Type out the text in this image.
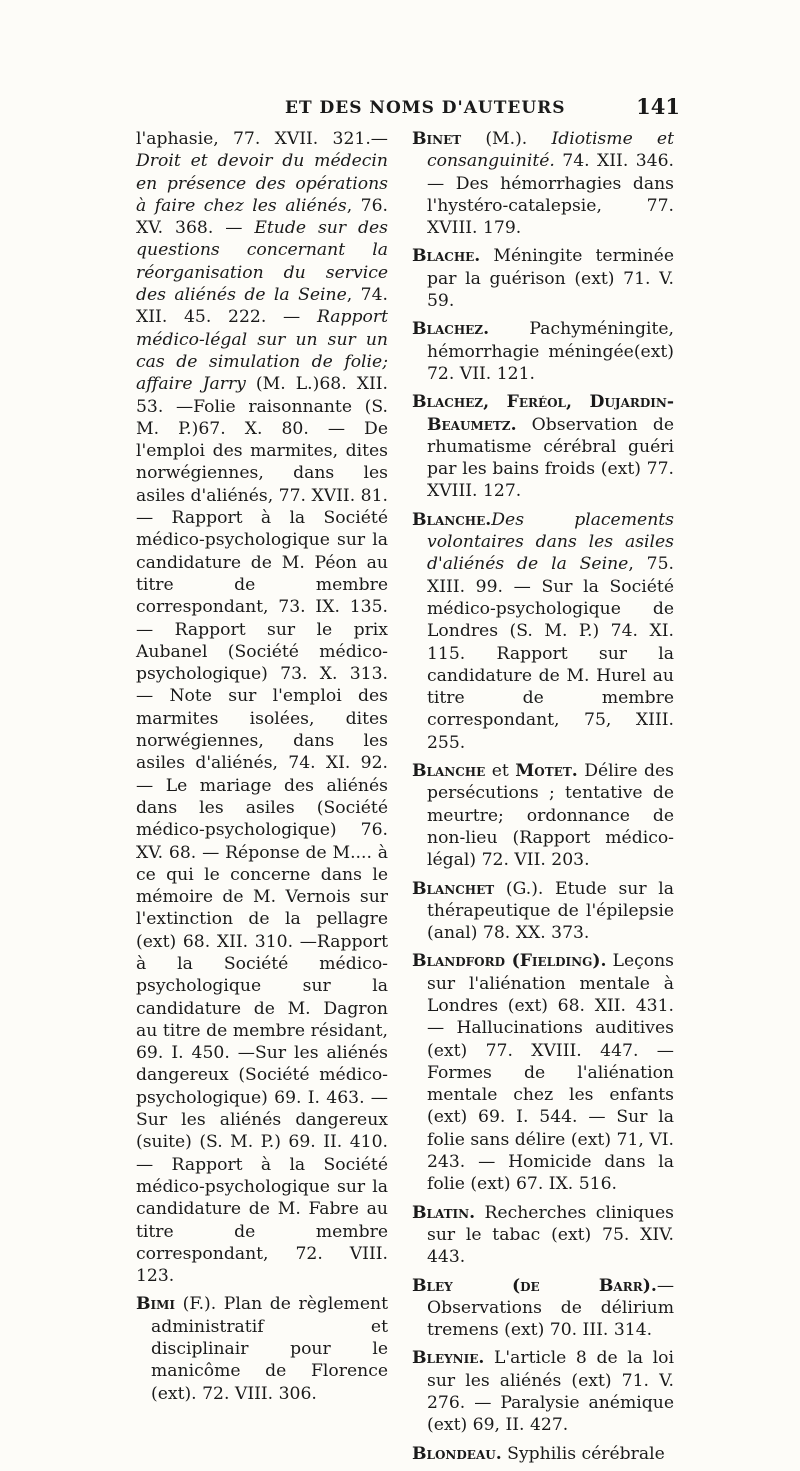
ET DES NOMS D'AUTEURS	141

l'aphasie, 77. XVII. 321.— Droit et devoir du médecin en présence des opérations à faire chez les aliénés, 76. XV. 368. — Etude sur des questions concernant la réorganisation du service des aliénés de la Seine, 74. XII. 45. 222. — Rapport médico-légal sur un sur un cas de simulation de folie; affaire Jarry (M. L.)68. XII. 53. —Folie raisonnante (S. M. P.)67. X. 80. — De l'emploi des marmites, dites norwégiennes, dans les asiles d'aliénés, 77. XVII. 81. — Rapport à la Société médico-psychologique sur la candidature de M. Péon au titre de membre correspondant, 73. IX. 135. — Rapport sur le prix Aubanel (Société médico-psychologique) 73. X. 313. — Note sur l'emploi des marmites isolées, dites norwégiennes, dans les asiles d'aliénés, 74. XI. 92. — Le mariage des aliénés dans les asiles (Société médico-psychologique) 76. XV. 68. — Réponse de M.... à ce qui le concerne dans le mémoire de M. Vernois sur l'extinction de la pellagre (ext) 68. XII. 310. —Rapport à la Société médico-psychologique sur la candidature de M. Dagron au titre de membre résidant, 69. I. 450. —Sur les aliénés dangereux (Société médico-psychologique) 69. I. 463. — Sur les aliénés dangereux (suite) (S. M. P.) 69. II. 410. — Rapport à la Société médico-psychologique sur la candidature de M. Fabre au titre de membre correspondant, 72. VIII. 123.

Bimi (F.). Plan de règlement administratif et disciplinair pour le manicôme de Florence (ext). 72. VIII. 306.

Binet (M.). Idiotisme et consanguinité. 74. XII. 346. — Des hémorrhagies dans l'hystéro-catalepsie, 77. XVIII. 179.

Blache. Méningite terminée par la guérison (ext) 71. V. 59.

Blachez. Pachyméningite, hémorrhagie méningée(ext) 72. VII. 121.

Blachez, Feréol, Dujardin-Beaumetz. Observation de rhumatisme cérébral guéri par les bains froids (ext) 77. XVIII. 127.

Blanche.Des placements volontaires dans les asiles d'aliénés de la Seine, 75. XIII. 99. — Sur la Société médico-psychologique de Londres (S. M. P.) 74. XI. 115. Rapport sur la candidature de M. Hurel au titre de membre correspondant, 75, XIII. 255.

Blanche et Motet. Délire des persécutions ; tentative de meurtre; ordonnance de non-lieu (Rapport médico-légal) 72. VII. 203.

Blanchet (G.). Etude sur la thérapeutique de l'épilepsie (anal) 78. XX. 373.

Blandford (Fielding). Leçons sur l'aliénation mentale à Londres (ext) 68. XII. 431. — Hallucinations auditives (ext) 77. XVIII. 447. — Formes de l'aliénation mentale chez les enfants (ext) 69. I. 544. — Sur la folie sans délire (ext) 71, VI. 243. — Homicide dans la folie (ext) 67. IX. 516.

Blatin. Recherches cliniques sur le tabac (ext) 75. XIV. 443.

Bley (de Barr).— Observations de délirium tremens (ext) 70. III. 314.

Bleynie. L'article 8 de la loi sur les aliénés (ext) 71. V. 276. — Paralysie anémique (ext) 69, II. 427.

Blondeau. Syphilis cérébrale
